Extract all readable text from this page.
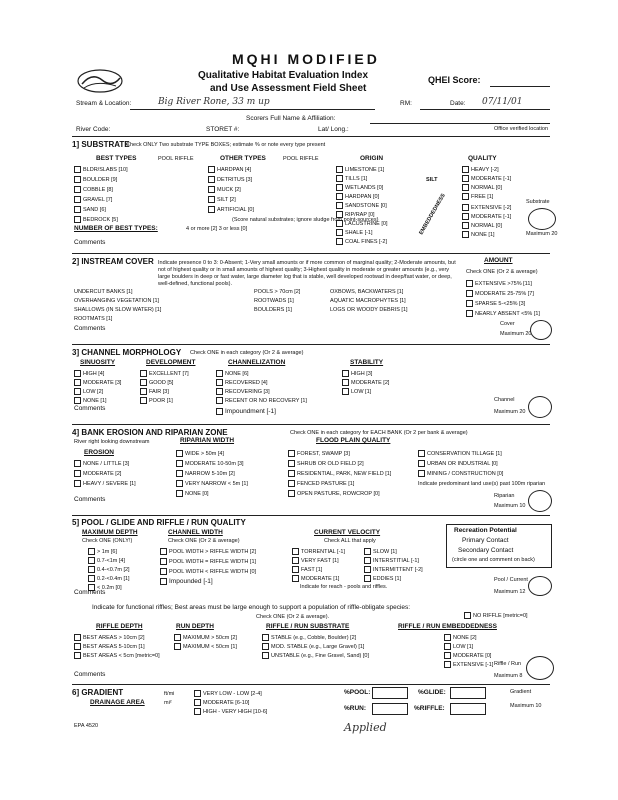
MQHI MODIFIED
Qualitative Habitat Evaluation Index
and Use Assessment Field Sheet
QHEI Score:
Stream & Location:	Big River Rone, 33 m up	RM:	Date: 07/11/01
Scorers Full Name & Affiliation:
River Code:	STORET #:	Lat/ Long.:	Office verified location
1] SUBSTRATE
Check ONLY Two substrate TYPE BOXES; estimate % or note every type present
BEST TYPES	POOL RIFFLE	OTHER TYPES	POOL RIFFLE	ORIGIN	QUALITY
BLDR/SLABS [10]
BOULDER [9]
COBBLE [8]
GRAVEL [7]
SAND [6]
BEDROCK [5]
HARDPAN [4]
DETRITUS [3]
MUCK [2]
SILT [2]
ARTIFICIAL [0]
LIMESTONE [1]
TILLS [1]
WETLANDS [0]
HARDPAN [0]
SANDSTONE [0]
RIP/RAP [0]
LACUSTRINE [0]
SHALE [-1]
COAL FINES [-2]
SILT
EMBEDDEDNESS
HEAVY [-2]
MODERATE [-1]
NORMAL [0]
FREE [1]
EXTENSIVE [-2]
MODERATE [-1]
NORMAL [0]
NONE [1]
NUMBER OF BEST TYPES:	4 or more [2] 3 or less [0]
(Score natural substrates; ignore sludge from point-sources)
Comments
Substrate
Maximum 20
2] INSTREAM COVER Indicate presence 0 to 3: 0-Absent; 1-Very small amounts or if more common of marginal quality; 2-Moderate amounts, but not of highest quality or in small amounts of highest quality; 3-Highest quality in moderate or greater amounts (e.g., very large boulders in deep or fast water, large diameter log that is stable, well developed rootwad in deep/fast water, or deep, well-defined, functional pools).
AMOUNT
UNDERCUT BANKS [1]
OVERHANGING VEGETATION [1]
SHALLOWS (IN SLOW WATER) [1]
ROOTMATS [1]
POOLS > 70cm [2]
ROOTWADS [1]
BOULDERS [1]
OXBOWS, BACKWATERS [1]
AQUATIC MACROPHYTES [1]
LOGS OR WOODY DEBRIS [1]
Check ONE (Or 2 & average)
EXTENSIVE >75% [11]
MODERATE 25-75% [7]
SPARSE 5-<25% [3]
NEARLY ABSENT <5% [1]
Comments
Cover
Maximum 20
3] CHANNEL MORPHOLOGY Check ONE in each category (Or 2 & average)
SINUOSITY	DEVELOPMENT	CHANNELIZATION	STABILITY
HIGH [4]
MODERATE [3]
LOW [2]
NONE [1]
EXCELLENT [7]
GOOD [5]
FAIR [3]
POOR [1]
NONE [6]
RECOVERED [4]
RECOVERING [3]
RECENT OR NO RECOVERY [1]
Impoundment [-1]
HIGH [3]
MODERATE [2]
LOW [1]
Comments
Channel
Maximum 20
4] BANK EROSION AND RIPARIAN ZONE	Check ONE in each category for EACH BANK (Or 2 per bank & average)
River right looking downstream	RIPARIAN WIDTH	FLOOD PLAIN QUALITY
EROSION
NONE / LITTLE [3]
MODERATE [2]
HEAVY / SEVERE [1]
WIDE > 50m [4]
MODERATE 10-50m [3]
NARROW 5-10m [2]
VERY NARROW < 5m [1]
NONE [0]
FOREST, SWAMP [3]
SHRUB OR OLD FIELD [2]
RESIDENTIAL, PARK, NEW FIELD [1]
FENCED PASTURE [1]
OPEN PASTURE, ROWCROP [0]
CONSERVATION TILLAGE [1]
URBAN OR INDUSTRIAL [0]
MINING / CONSTRUCTION [0]
Indicate predominant land use(s) past 100m riparian
Comments	Riparian
Maximum 10
5] POOL / GLIDE AND RIFFLE / RUN QUALITY
MAXIMUM DEPTH
Check ONE (ONLY!)
> 1m [6]
0.7-<1m [4]
0.4-<0.7m [2]
0.2-<0.4m [1]
< 0.2m [0]
CHANNEL WIDTH
Check ONE (Or 2 & average)
POOL WIDTH > RIFFLE WIDTH [2]
POOL WIDTH = RIFFLE WIDTH [1]
POOL WIDTH < RIFFLE WIDTH [0]
Impounded [-1]
CURRENT VELOCITY
Check ALL that apply
TORRENTIAL [-1]
VERY FAST [1]
FAST [1]
MODERATE [1]
SLOW [1]
INTERSTITIAL [-1]
INTERMITTENT [-2]
EDDIES [1]
Indicate for reach - pools and riffles.
Recreation Potential
Primary Contact
Secondary Contact
(circle one and comment on back)
Comments
Pool / Current
Maximum 12
Indicate for functional riffles; Best areas must be large enough to support a population of riffle-obligate species:
Check ONE (Or 2 & average).	NO RIFFLE [metric=0]
RIFFLE DEPTH	RUN DEPTH	RIFFLE / RUN SUBSTRATE	RIFFLE / RUN EMBEDDEDNESS
BEST AREAS > 10cm [2]
BEST AREAS 5-10cm [1]
BEST AREAS < 5cm [metric=0]
MAXIMUM > 50cm [2]
MAXIMUM < 50cm [1]
STABLE (e.g., Cobble, Boulder) [2]
MOD. STABLE (e.g., Large Gravel) [1]
UNSTABLE (e.g., Fine Gravel, Sand) [0]
NONE [2]
LOW [1]
MODERATE [0]
EXTENSIVE [-1]
Comments
Riffle / Run
Maximum 8
6] GRADIENT	ft/mi
DRAINAGE AREA	mi²
VERY LOW - LOW [2-4]
MODERATE [6-10]
HIGH - VERY HIGH [10-6]
%POOL:	%GLIDE:
%RUN:	%RIFFLE:
Gradient
Maximum 10
EPA 4520	Applied
